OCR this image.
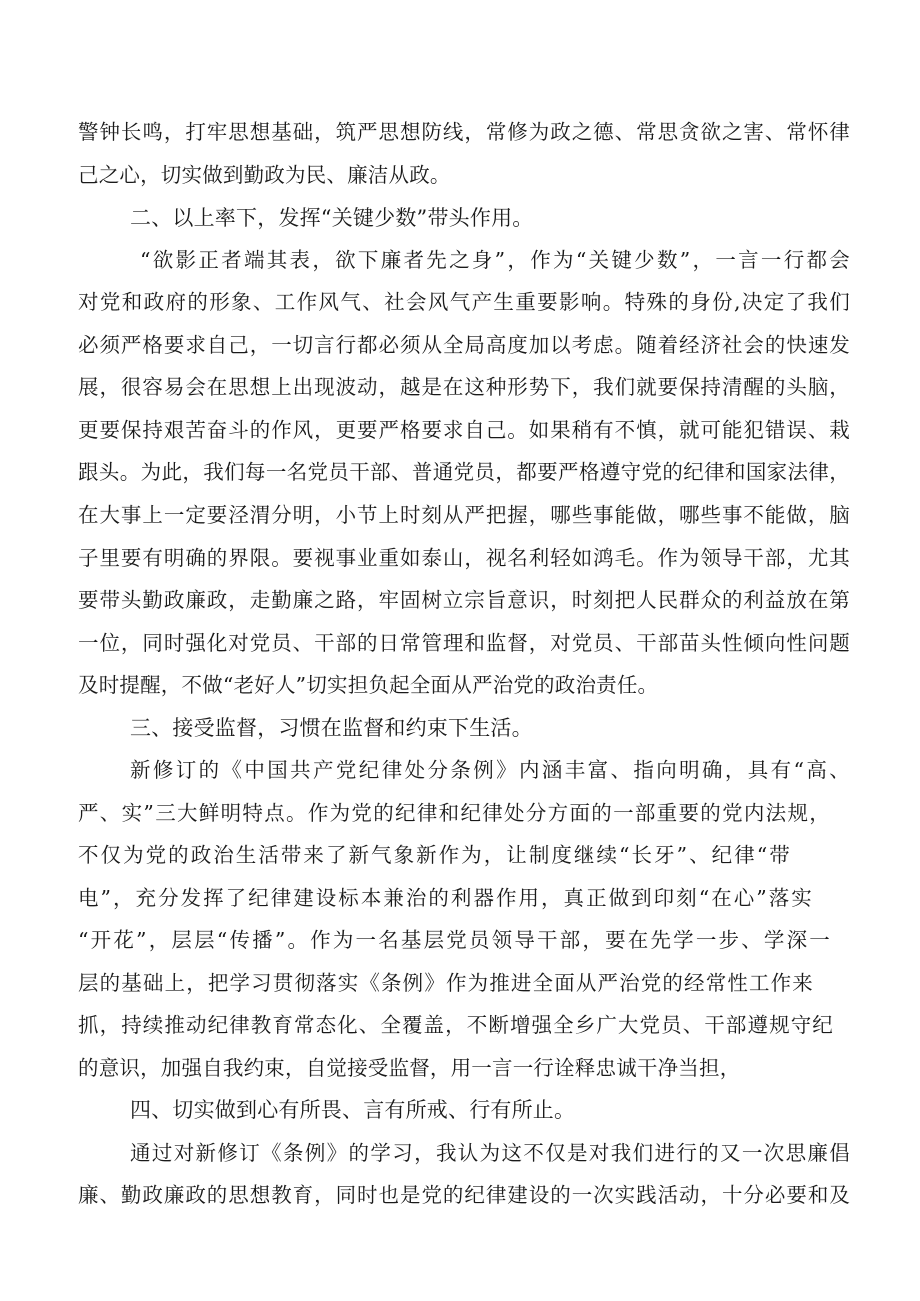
警钟长鸣，打牢思想基础，筑严思想防线，常修为政之德、常思贪欲之害、常怀律
己之心，切实做到勤政为民、廉洁从政。
二、以上率下，发挥“关键少数”带头作用。
“欲影正者端其表，欲下廉者先之身”，作为“关键少数”，一言一行都会
对党和政府的形象、工作风气、社会风气产生重要影响。特殊的身份,决定了我们
必须严格要求自己，一切言行都必须从全局高度加以考虑。随着经济社会的快速发
展，很容易会在思想上出现波动，越是在这种形势下，我们就要保持清醒的头脑，
更要保持艰苦奋斗的作风，更要严格要求自己。如果稍有不慎，就可能犯错误、栽
跟头。为此，我们每一名党员干部、普通党员，都要严格遵守党的纪律和国家法律，
在大事上一定要泾渭分明，小节上时刻从严把握，哪些事能做，哪些事不能做，脑
子里要有明确的界限。要视事业重如泰山，视名利轻如鸿毛。作为领导干部，尤其
要带头勤政廉政，走勤廉之路，牢固树立宗旨意识，时刻把人民群众的利益放在第
一位，同时强化对党员、干部的日常管理和监督，对党员、干部苗头性倾向性问题
及时提醒，不做“老好人”切实担负起全面从严治党的政治责任。
三、接受监督，习惯在监督和约束下生活。
新修订的《中国共产党纪律处分条例》内涵丰富、指向明确，具有“高、
严、实”三大鲜明特点。作为党的纪律和纪律处分方面的一部重要的党内法规，
不仅为党的政治生活带来了新气象新作为，让制度继续“长牙”、纪律“带
电”，充分发挥了纪律建设标本兼治的利器作用，真正做到印刻“在心”落实
“开花”，层层“传播”。作为一名基层党员领导干部，要在先学一步、学深一
层的基础上，把学习贯彻落实《条例》作为推进全面从严治党的经常性工作来
抓，持续推动纪律教育常态化、全覆盖，不断增强全乡广大党员、干部遵规守纪
的意识，加强自我约束，自觉接受监督，用一言一行诠释忠诚干净当担，
四、切实做到心有所畏、言有所戒、行有所止。
通过对新修订《条例》的学习，我认为这不仅是对我们进行的又一次思廉倡
廉、勤政廉政的思想教育，同时也是党的纪律建设的一次实践活动，十分必要和及
